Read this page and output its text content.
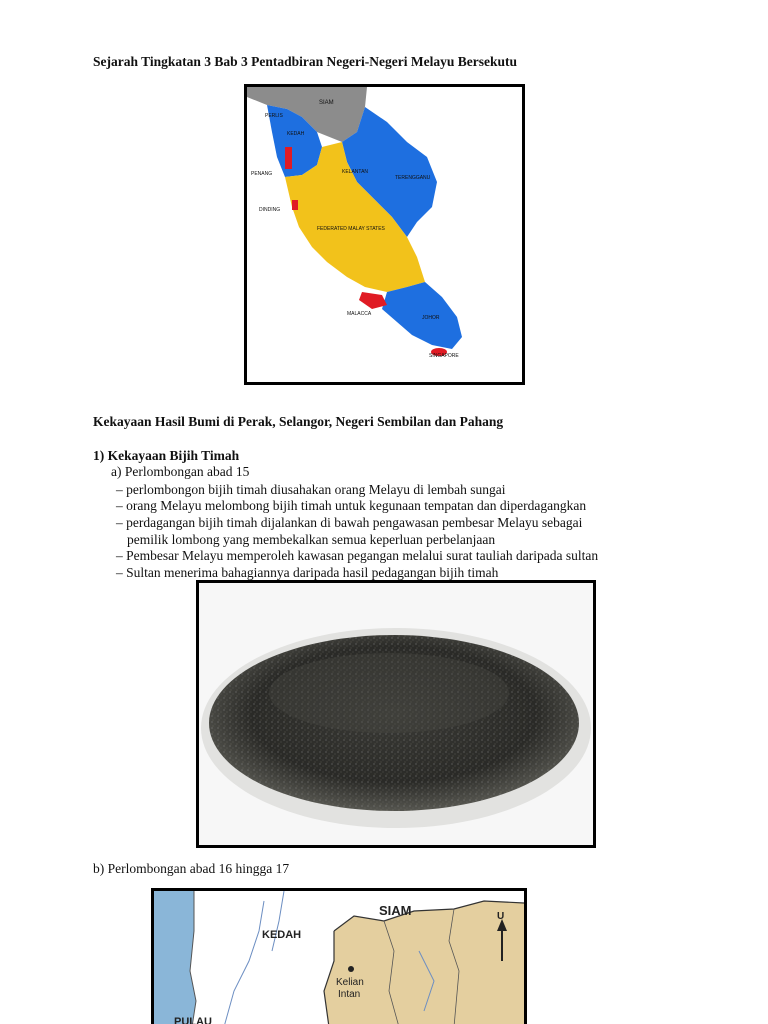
Sejarah Tingkatan 3 Bab 3 Pentadbiran Negeri-Negeri Melayu Bersekutu
SIAM
PERLIS
KEDAH
PENANG	KELANTAN
TERENGGANU
DINDING
FEDERATED MALAY STATES
MALACCA
JOHOR
SINGAPORE
Kekayaan Hasil Bumi di Perak, Selangor, Negeri Sembilan dan Pahang
1) Kekayaan Bijih Timah
a) Perlombongan abad 15
– perlombongon bijih timah diusahakan orang Melayu di lembah sungai
– orang Melayu melombong bijih timah untuk kegunaan tempatan dan diperdagangkan
– perdagangan bijih timah dijalankan di bawah pengawasan pembesar Melayu sebagai
pemilik lombong yang membekalkan semua keperluan perbelanjaan
– Pembesar Melayu memperoleh kawasan pegangan melalui surat tauliah daripada sultan
– Sultan menerima bahagiannya daripada hasil pedagangan bijih timah
b) Perlombongan abad 16 hingga 17
SIAM
KEDAH
Kelian
Intan
PULAU
U
